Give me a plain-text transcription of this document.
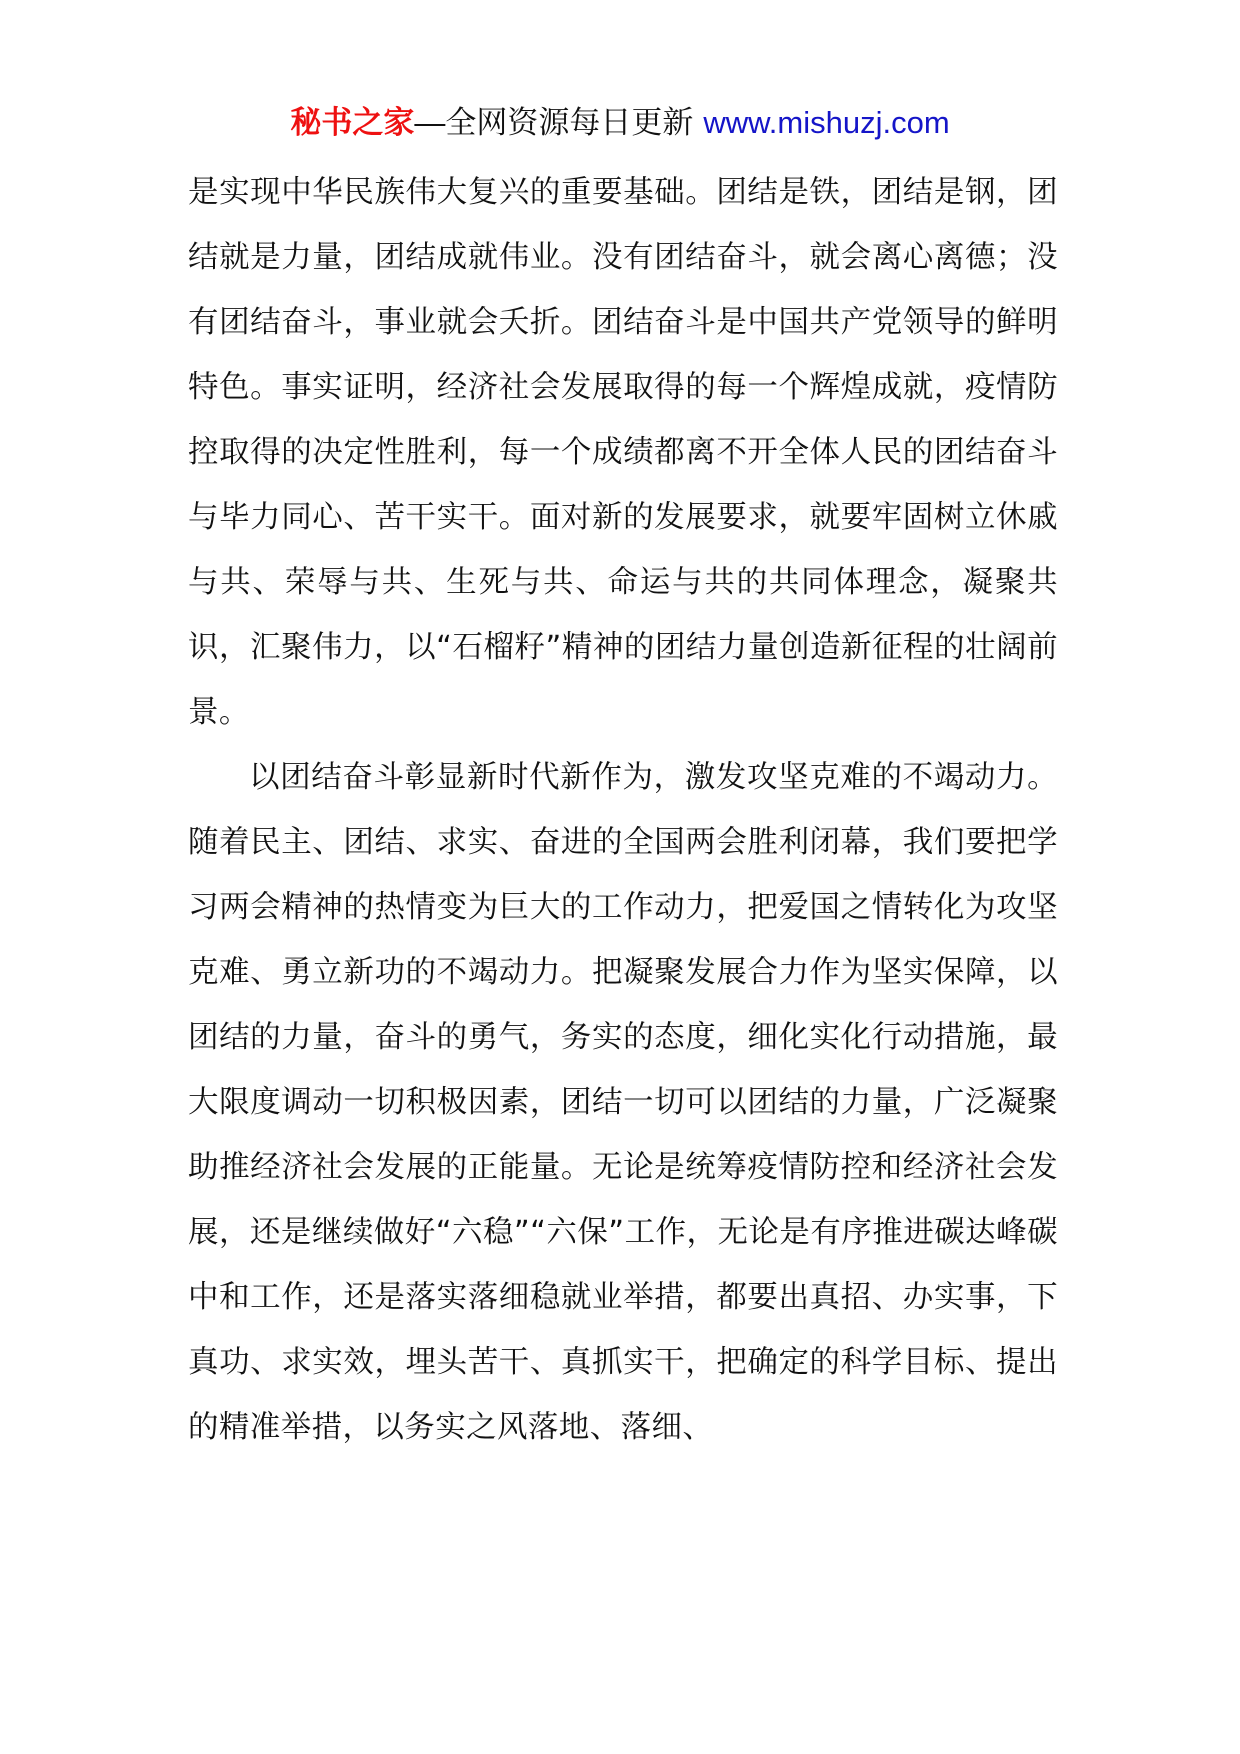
秘书之家—全网资源每日更新 www.mishuzj.com

是实现中华民族伟大复兴的重要基础。团结是铁，团结是钢，团结就是力量，团结成就伟业。没有团结奋斗，就会离心离德；没有团结奋斗，事业就会夭折。团结奋斗是中国共产党领导的鲜明特色。事实证明，经济社会发展取得的每一个辉煌成就，疫情防控取得的决定性胜利，每一个成绩都离不开全体人民的团结奋斗与毕力同心、苦干实干。面对新的发展要求，就要牢固树立休戚与共、荣辱与共、生死与共、命运与共的共同体理念，凝聚共识，汇聚伟力，以“石榴籽”精神的团结力量创造新征程的壮阔前景。

以团结奋斗彰显新时代新作为，激发攻坚克难的不竭动力。随着民主、团结、求实、奋进的全国两会胜利闭幕，我们要把学习两会精神的热情变为巨大的工作动力，把爱国之情转化为攻坚克难、勇立新功的不竭动力。把凝聚发展合力作为坚实保障，以团结的力量，奋斗的勇气，务实的态度，细化实化行动措施，最大限度调动一切积极因素，团结一切可以团结的力量，广泛凝聚助推经济社会发展的正能量。无论是统筹疫情防控和经济社会发展，还是继续做好“六稳”“六保”工作，无论是有序推进碳达峰碳中和工作，还是落实落细稳就业举措，都要出真招、办实事，下真功、求实效，埋头苦干、真抓实干，把确定的科学目标、提出的精准举措，以务实之风落地、落细、
